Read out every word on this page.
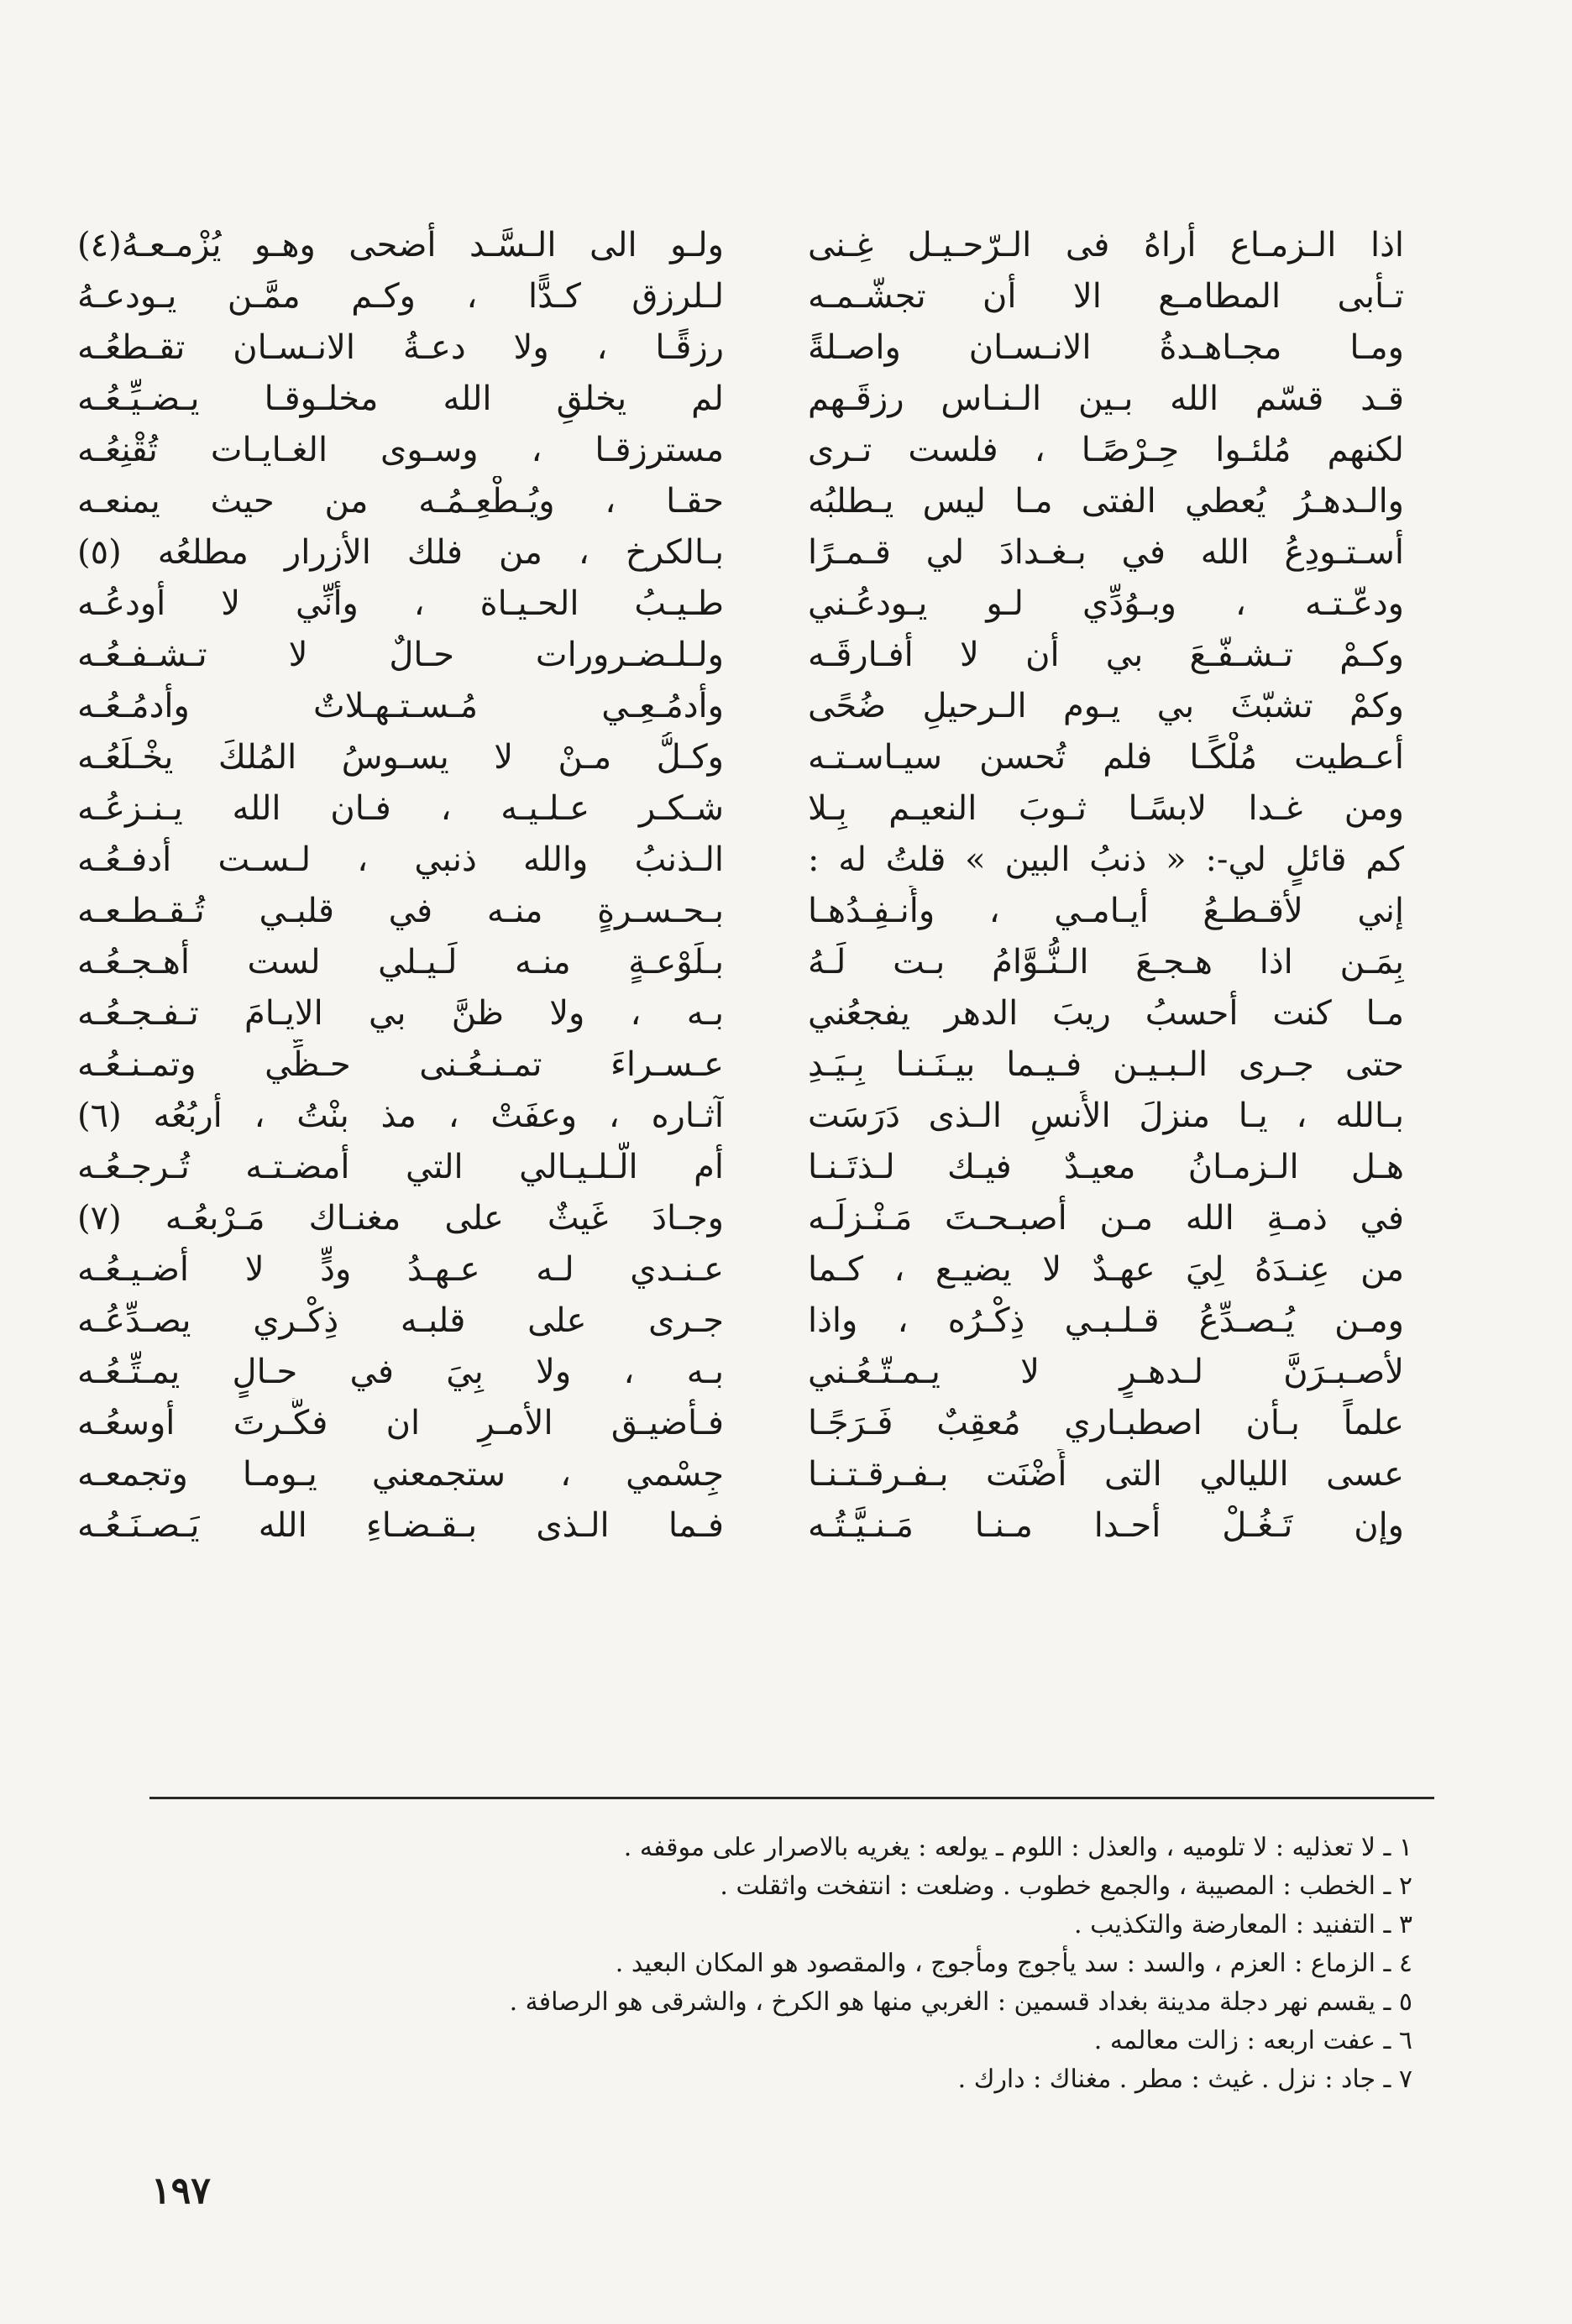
اذا الـزمـاع أراهُ فى الـرّحـيـل غِـنى
تـأبى المطامـع الا أن تجشّـمـه
ومـا مجـاهـدةُ الانـسـان واصـلةً
قـد قسّم الله بـين الـنـاس رزقَـهم
لكنهم مُلئـوا حِـرْصًـا ، فلست تـرى
والـدهـرُ يُعطي الفتى مـا ليس يـطلبُه
أسـتـودِعُ الله في بـغـدادَ لي قـمـرًا
ودعّـتـه ، وبـوُدِّي لـو يـودعُـني
وكـمْ تـشـفّـعَ بي أن لا أفـارقَـه
وكمْ تشبّثَ بي يـوم الـرحيلِ ضُحًى
أعـطيت مُلْكًـا فلم تُحسن سيـاسـتـه
ومن غـدا لابسًـا ثـوبَ النعيـم بِـلا
كم قائلٍ لي-: « ذنبُ البين » قلتُ له :
إني لأقـطـعُ أيـامـي ، وأُنـفِـدُهـا
بِمَـن اذا هـجـعَ الـنُّـوَّامُ بـت لَـهُ
مـا كنت أحسبُ ريبَ الدهر يفجعُني
حتى جـرى الـبـيـن فـيـما بيـنَـنـا بِـيَـدِ
بـالله ، يـا منزلَ الأُنسِ الـذى دَرَسَت
هـل الـزمـانُ معيـدٌ فيـك لـذتَـنـا
في ذمـةِ الله مـن أصبـحـتَ مَـنْـزلَـه
من عِنـدَهُ لِيَ عهـدٌ لا يضيـع ، كـما
ومـن يُـصـدِّعُ قـلـبـي ذِكْـرُه ، واذا
لأصـبـرَنَّ لـدهـرٍ لا يـمـتّـعُـني
علماً بـأن اصطبـاري مُعقِبٌ فَـرَجًـا
عسى الليالي التى أَضْنَت بـفـرقـتـنـا
وإن تَـغُـلْ أحـدا مـنـا مَـنـيَّـتُـه
ولـو الى الـسَّـد أضحى وهـو يُزْمـعـهُ(٤)
لـلرزق كـدًّا ، وكـم ممَّـن يـودعـهُ
رزقًـا ، ولا دعـةُ الانـسـان تقـطعُـه
لم يخلقِ الله مخلـوقـا يـضـيِّـعُـه
مسترزقـا ، وسـوى الغـايـات تُقْنِعُـه
حقـا ، ويُـطْعِـمُـه من حيث يمنعـه
بـالكرخ ، من فلك الأزرار مطلعُه (٥)
طـيـبُ الحـيـاة ، وأنِّي لا أودعُـه
ولـلـضـرورات حـالٌ لا تـشـفـعُـه
وأدمُـعِـي مُـسـتـهـلاتٌ وأدمُـعُـه
وكـلُّ مـنْ لا يسـوسُ المُلكَ يخْـلَعُـه
شـكـر عـلـيـه ، فـان الله يـنـزعُـه
الـذنبُ والله ذنبي ، لـسـت أدفـعُـه
بـحـسـرةٍ منـه في قلبـي تُـقـطـعـه
بـلَوْعـةٍ منـه لَـيـلي لست أهـجـعُـه
بـه ، ولا ظنَّ بي الايـامَ تـفـجـعُـه
عـسـراءَ تمـنـعُـنى حـظِّي وتمـنـعُـه
آثـاره ، وعفَتْ ، مذ بنْتُ ، أربُعُه (٦)
أم الّـلـيـالي التي أمضـتـه تُـرجـعُـه
وجـادَ غَيثٌ على مغنـاك مَـرْبعُـه (٧)
عـنـدي لـه عـهـدُ ودٍّ لا أضـيـعُـه
جـرى على قلبـه ذِكْـري يصـدِّعُـه
بـه ، ولا بِيَ في حـالٍ يمـتِّـعُـه
فـأضيـق الأمـرِ ان فكَّـرتَ أوسعُـه
جِسْمي ، ستجمعني يـومـا وتجمعـه
فـما الـذى بـقـضـاءِ الله يَـصـنَـعُـه
١ ـ لا تعذليه : لا تلوميه ، والعذل : اللوم ـ يولعه : يغريه بالاصرار على موقفه .
٢ ـ الخطب : المصيبة ، والجمع خطوب . وضلعت : انتفخت واثقلت .
٣ ـ التفنيد : المعارضة والتكذيب .
٤ ـ الزماع : العزم ، والسد : سد يأجوج ومأجوج ، والمقصود هو المكان البعيد .
٥ ـ يقسم نهر دجلة مدينة بغداد قسمين : الغربي منها هو الكرخ ، والشرقى هو الرصافة .
٦ ـ عفت اربعه : زالت معالمه .
٧ ـ جاد : نزل . غيث : مطر . مغناك : دارك .
١٩٧
